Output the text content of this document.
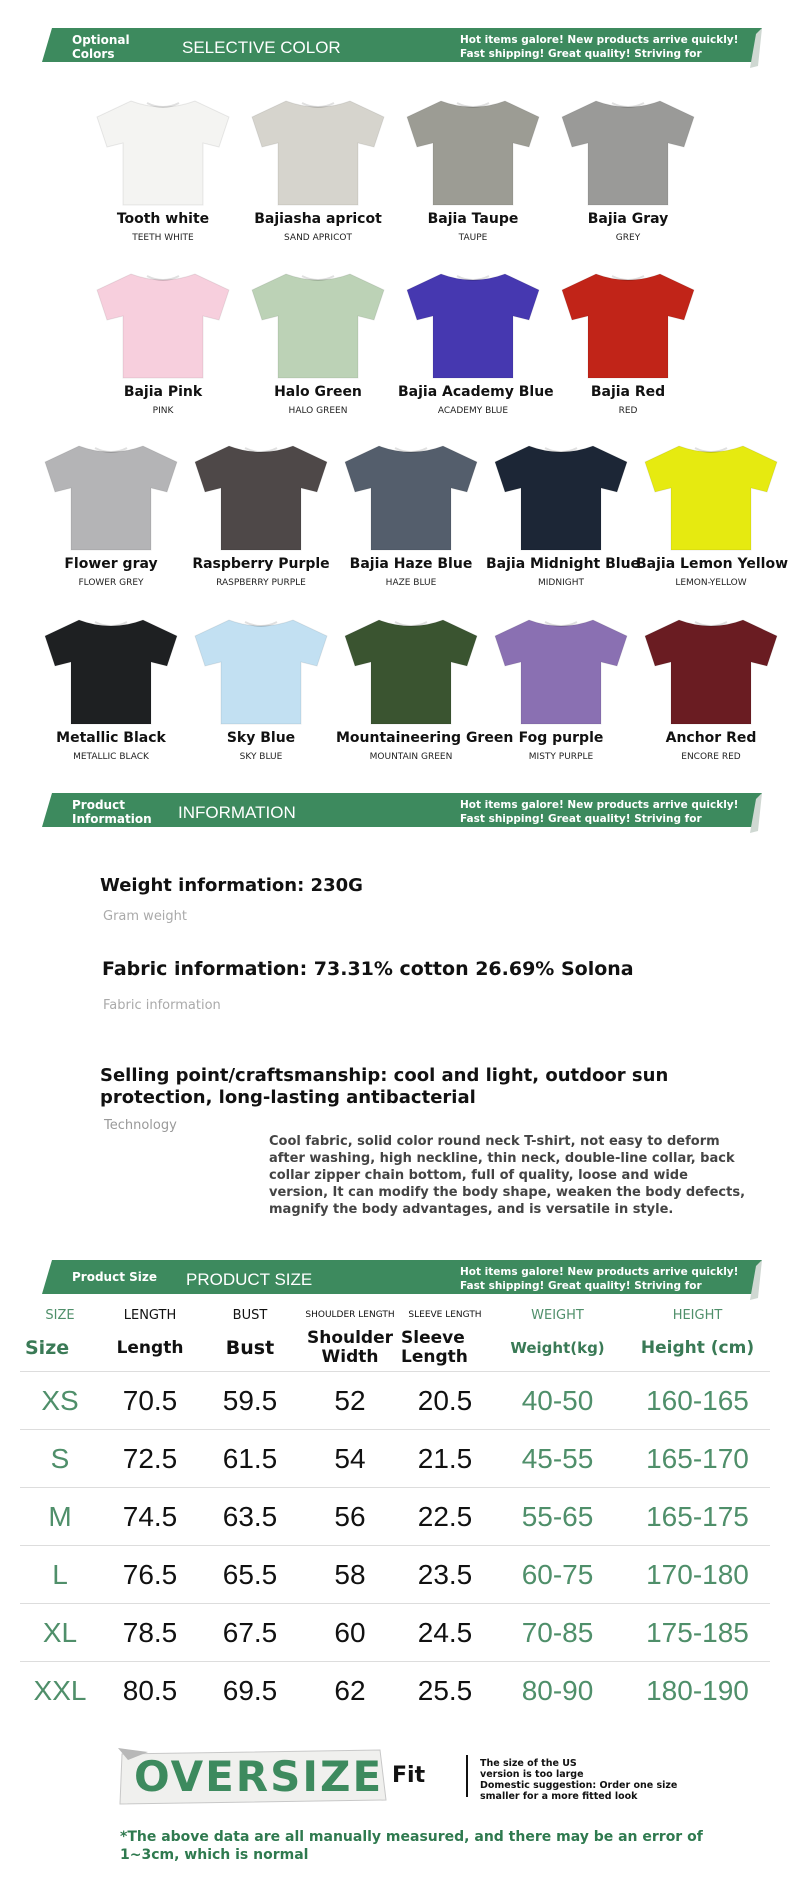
Optional Colors	SELECTIVE COLOR	Hot items galore! New products arrive quickly! Fast shipping! Great quality! Striving for excellence!
Tooth white
TEETH WHITE
Bajiasha apricot
SAND APRICOT
Bajia Taupe
TAUPE
Bajia Gray
GREY
Bajia Pink
PINK
Halo Green
HALO GREEN
Bajia Academy Blue
ACADEMY BLUE
Bajia Red
RED
Flower gray
FLOWER GREY
Raspberry Purple
RASPBERRY PURPLE
Bajia Haze Blue
HAZE BLUE
Bajia Midnight Blue
MIDNIGHT
Bajia Lemon Yellow
LEMON-YELLOW
Metallic Black
METALLIC BLACK
Sky Blue
SKY BLUE
Mountaineering Green
MOUNTAIN GREEN
Fog purple
MISTY PURPLE
Anchor Red
ENCORE RED
Product Information	INFORMATION	Hot items galore! New products arrive quickly! Fast shipping! Great quality! Striving for excellence!
Weight information: 230G
Gram weight
Fabric information: 73.31% cotton 26.69% Solona
Fabric information
Selling point/craftsmanship: cool and light, outdoor sun protection, long-lasting antibacterial
Technology
Cool fabric, solid color round neck T-shirt, not easy to deform after washing, high neckline, thin neck, double-line collar, back collar zipper chain bottom, full of quality, loose and wide version, It can modify the body shape, weaken the body defects, magnify the body advantages, and is versatile in style.
Product Size	PRODUCT SIZE	Hot items galore! New products arrive quickly! Fast shipping! Great quality! Striving for excellence!
SIZE	LENGTH	BUST	SHOULDER LENGTH	SLEEVE LENGTH	WEIGHT	HEIGHT
Size	Length	Bust	Shoulder Width	Sleeve Length	Weight(kg)	Height (cm)
XS	70.5	59.5	52	20.5	40-50	160-165
S	72.5	61.5	54	21.5	45-55	165-170
M	74.5	63.5	56	22.5	55-65	165-175
L	76.5	65.5	58	23.5	60-75	170-180
XL	78.5	67.5	60	24.5	70-85	175-185
XXL	80.5	69.5	62	25.5	80-90	180-190
OVERSIZE Fit	The size of the US version is too large
Domestic suggestion: Order one size smaller for a more fitted look
*The above data are all manually measured, and there may be an error of 1~3cm, which is normal
